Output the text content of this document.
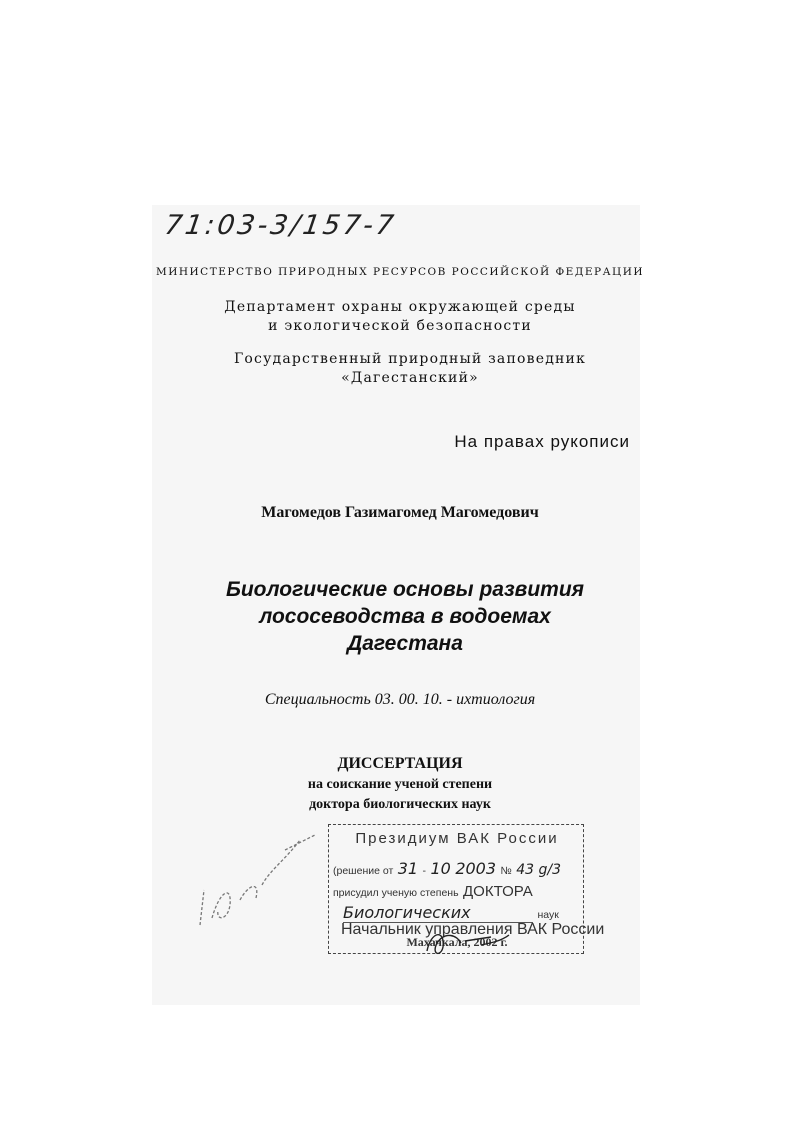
71:03-3/157-7
МИНИСТЕРСТВО ПРИРОДНЫХ РЕСУРСОВ РОССИЙСКОЙ ФЕДЕРАЦИИ
Департамент охраны окружающей среды
и экологической безопасности
Государственный природный заповедник
«Дагестанский»
На правах рукописи
Магомедов Газимагомед Магомедович
Биологические основы развития
лососеводства в водоемах
Дагестана
Специальность 03. 00. 10. - ихтиология
ДИССЕРТАЦИЯ
на соискание ученой степени
доктора биологических наук
Президиум ВАК России
(решение от 31 - 10 2003 № 43 g/3
присудил ученую степень ДОКТОРА
Биологических	наук
Начальник управления ВАК России
Махачкала, 2002 г.
